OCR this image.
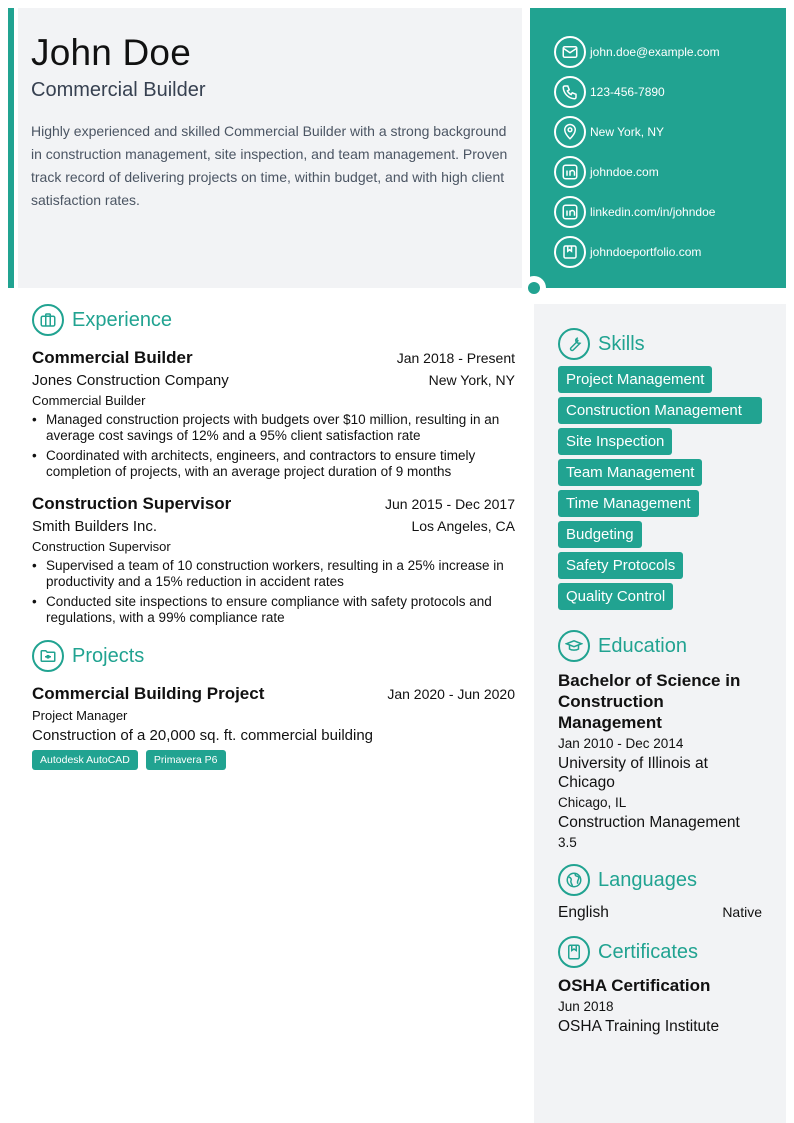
John Doe
Commercial Builder

Highly experienced and skilled Commercial Builder with a strong background in construction management, site inspection, and team management. Proven track record of delivering projects on time, within budget, and with high client satisfaction rates.

john.doe@example.com
123-456-7890
New York, NY
johndoe.com
linkedin.com/in/johndoe
johndoeportfolio.com
Experience
Commercial Builder	Jan 2018 - Present
Jones Construction Company	New York, NY
Commercial Builder
• Managed construction projects with budgets over $10 million, resulting in an average cost savings of 12% and a 95% client satisfaction rate
• Coordinated with architects, engineers, and contractors to ensure timely completion of projects, with an average project duration of 9 months
Construction Supervisor	Jun 2015 - Dec 2017
Smith Builders Inc.	Los Angeles, CA
Construction Supervisor
• Supervised a team of 10 construction workers, resulting in a 25% increase in productivity and a 15% reduction in accident rates
• Conducted site inspections to ensure compliance with safety protocols and regulations, with a 99% compliance rate
Projects
Commercial Building Project	Jan 2020 - Jun 2020
Project Manager
Construction of a 20,000 sq. ft. commercial building
Autodesk AutoCAD	Primavera P6
Skills
Project Management
Construction Management
Site Inspection
Team Management
Time Management
Budgeting
Safety Protocols
Quality Control
Education
Bachelor of Science in Construction Management
Jan 2010 - Dec 2014
University of Illinois at Chicago
Chicago, IL
Construction Management
3.5
Languages
English	Native
Certificates
OSHA Certification
Jun 2018
OSHA Training Institute
